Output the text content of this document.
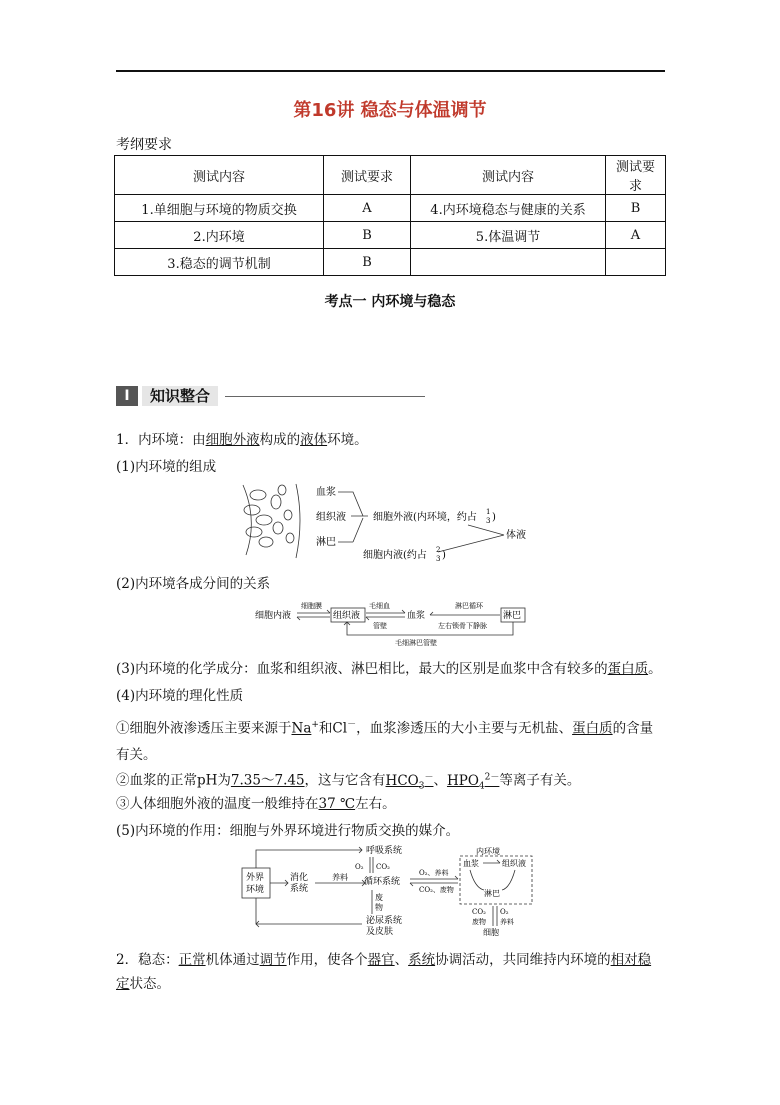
第16讲 稳态与体温调节
考纲要求
测试内容	测试要求	测试内容	测试要求
1.单细胞与环境的物质交换	A	4.内环境稳态与健康的关系	B
2.内环境	B	5.体温调节	A
3.稳态的调节机制	B		
考点一 内环境与稳态
I	知识整合
1．内环境：由细胞外液构成的液体环境。
(1)内环境的组成
血浆
组织液
淋巴
细胞外液(内环境，约占 1
3 )
体液
细胞内液(约占 2
3 )
(2)内环境各成分间的关系
细胞内液
细胞膜
组织液
毛细血
管壁
血浆
淋巴循环
左右锁骨下静脉
淋巴
毛细淋巴管壁
(3)内环境的化学成分：血浆和组织液、淋巴相比，最大的区别是血浆中含有较多的蛋白质。
(4)内环境的理化性质
①细胞外液渗透压主要来源于Na+和Cl－，血浆渗透压的大小主要与无机盐、蛋白质的含量
有关。
②血浆的正常pH为7.35～7.45，这与它含有$HCO_3^-$、$HPO_4^{2-}$等离子有关。
③人体细胞外液的温度一般维持在37 ℃左右。
(5)内环境的作用：细胞与外界环境进行物质交换的媒介。
外界
环境
消化
系统
养料
呼吸系统
O₂ CO₂
循环系统
O₂、养料
CO₂、废物
废
物
泌尿系统
及皮肤
内环境
血浆	组织液
淋巴
CO₂
废物
O₂
养料
细胞
2．稳态：正常机体通过调节作用，使各个器官、系统协调活动，共同维持内环境的相对稳
定状态。
